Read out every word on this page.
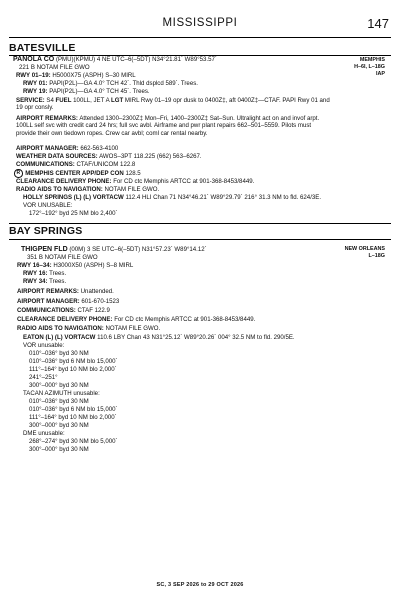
MISSISSIPPI	147
BATESVILLE
MEMPHIS
H–6I, L–18G
IAP
PANOLA CO (PMU)(KPMU) 4 NE UTC–6(–5DT) N34°21.81´ W89°53.57´
221 B NOTAM FILE GWO
RWY 01–19: H5000X75 (ASPH) S–30 MIRL
RWY 01: PAPI(P2L)—GA 4.0° TCH 42´. Thld dsplcd 589´. Trees.
RWY 19: PAPI(P2L)—GA 4.0° TCH 45´. Trees.
SERVICE: S4 FUEL 100LL, JET A LGT MIRL Rwy 01–19 opr dusk to 0400Z‡, aft 0400Z‡—CTAF. PAPI Rwy 01 and 19 opr consly.
AIRPORT REMARKS: Attended 1300–2300Z‡ Mon–Fri, 1400–2300Z‡ Sat–Sun. Ultralight act on and invof arpt. 100LL self svc with credit card 24 hrs; full svc avbl. Airframe and pwr plant repairs 662–501–5559. Pilots must provide their own tiedown ropes. Crew car avbl; coml car rental nearby.
AIRPORT MANAGER: 662-563-4100
WEATHER DATA SOURCES: AWOS–3PT 118.225 (662) 563–6267.
COMMUNICATIONS: CTAF/UNICOM 122.8
R MEMPHIS CENTER APP/DEP CON 128.5
CLEARANCE DELIVERY PHONE: For CD ctc Memphis ARTCC at 901-368-8453/8449.
RADIO AIDS TO NAVIGATION: NOTAM FILE GWO.
HOLLY SPRINGS (L) (L) VORTACW 112.4 HLI Chan 71 N34°46.21´ W89°29.79´ 216° 31.3 NM to fld. 624/3E.
VOR UNUSABLE:
172°–192° byd 25 NM blo 2,400´
BAY SPRINGS
NEW ORLEANS
L–18G
THIGPEN FLD (00M) 3 SE UTC–6(–5DT) N31°57.23´ W89°14.12´
351 B NOTAM FILE GWO
RWY 16–34: H3000X50 (ASPH) S–8 MIRL
RWY 16: Trees.
RWY 34: Trees.
AIRPORT REMARKS: Unattended.
AIRPORT MANAGER: 601-670-1523
COMMUNICATIONS: CTAF 122.9
CLEARANCE DELIVERY PHONE: For CD ctc Memphis ARTCC at 901-368-8453/8449.
RADIO AIDS TO NAVIGATION: NOTAM FILE GWO.
EATON (L) (L) VORTACW 110.6 LBY Chan 43 N31°25.12´ W89°20.26´ 004° 32.5 NM to fld. 290/5E.
VOR unusable:
010°–036° byd 30 NM
010°–036° byd 6 NM blo 15,000´
111°–164° byd 10 NM blo 2,000´
241°–251°
300°–000° byd 30 NM
TACAN AZIMUTH unusable:
010°–036° byd 30 NM
010°–036° byd 6 NM blo 15,000´
111°–164° byd 10 NM blo 2,000´
300°–000° byd 30 NM
DME unusable:
268°–274° byd 30 NM blo 5,000´
300°–000° byd 30 NM
SC, 3 SEP 2026 to 29 OCT 2026
